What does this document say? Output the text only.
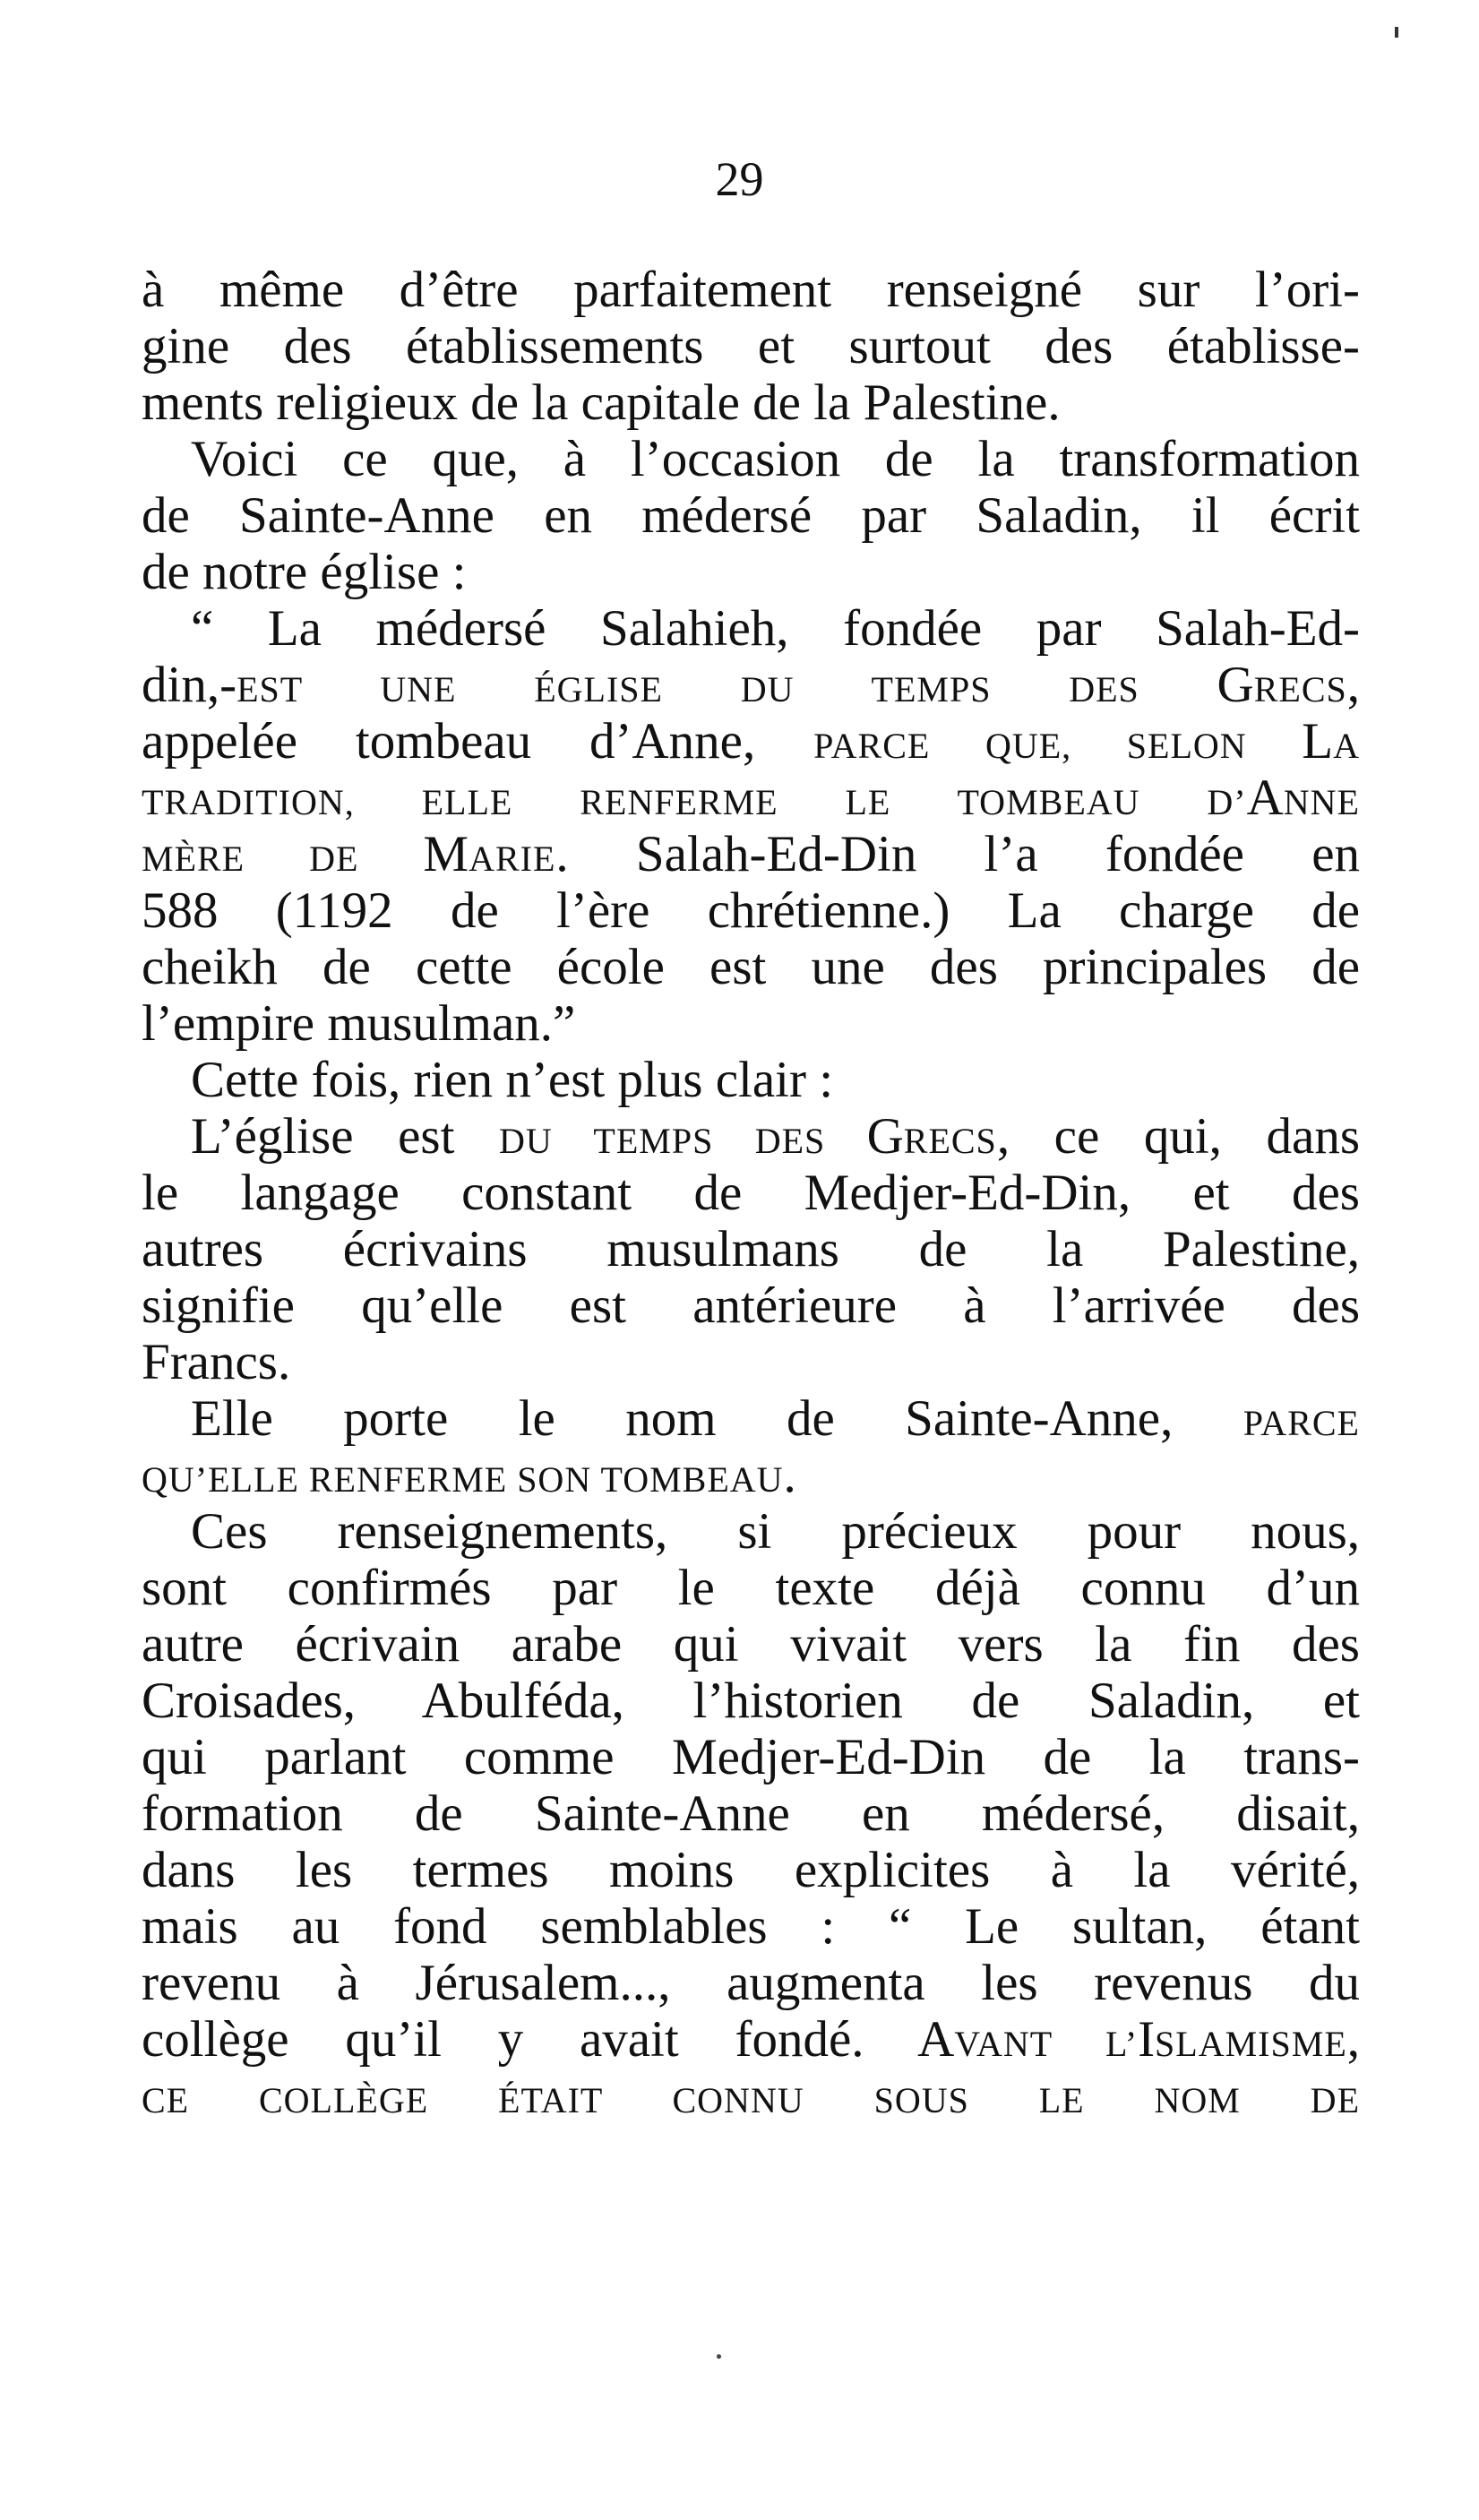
29
à même d’être parfaitement renseigné sur l’ori-
gine des établissements et surtout des établisse-
ments religieux de la capitale de la Palestine.
Voici ce que, à l’occasion de la transformation
de Sainte-Anne en médersé par Saladin, il écrit
de notre église :
“ La médersé Salahieh, fondée par Salah-Ed-
din,-EST UNE ÉGLISE DU TEMPS DES GRECS,
appelée tombeau d’Anne, PARCE QUE, SELON LA
TRADITION, ELLE RENFERME LE TOMBEAU D’ANNE
MÈRE DE MARIE. Salah-Ed-Din l’a fondée en
588 (1192 de l’ère chrétienne.) La charge de
cheikh de cette école est une des principales de
l’empire musulman.”
Cette fois, rien n’est plus clair :
L’église est DU TEMPS DES GRECS, ce qui, dans
le langage constant de Medjer-Ed-Din, et des
autres écrivains musulmans de la Palestine,
signifie qu’elle est antérieure à l’arrivée des
Francs.
Elle porte le nom de Sainte-Anne, PARCE
QU’ELLE RENFERME SON TOMBEAU.
Ces renseignements, si précieux pour nous,
sont confirmés par le texte déjà connu d’un
autre écrivain arabe qui vivait vers la fin des
Croisades, Abulféda, l’historien de Saladin, et
qui parlant comme Medjer-Ed-Din de la trans-
formation de Sainte-Anne en médersé, disait,
dans les termes moins explicites à la vérité,
mais au fond semblables : “ Le sultan, étant
revenu à Jérusalem..., augmenta les revenus du
collège qu’il y avait fondé. AVANT L’ISLAMISME,
CE COLLÈGE ÉTAIT CONNU SOUS LE NOM DE
